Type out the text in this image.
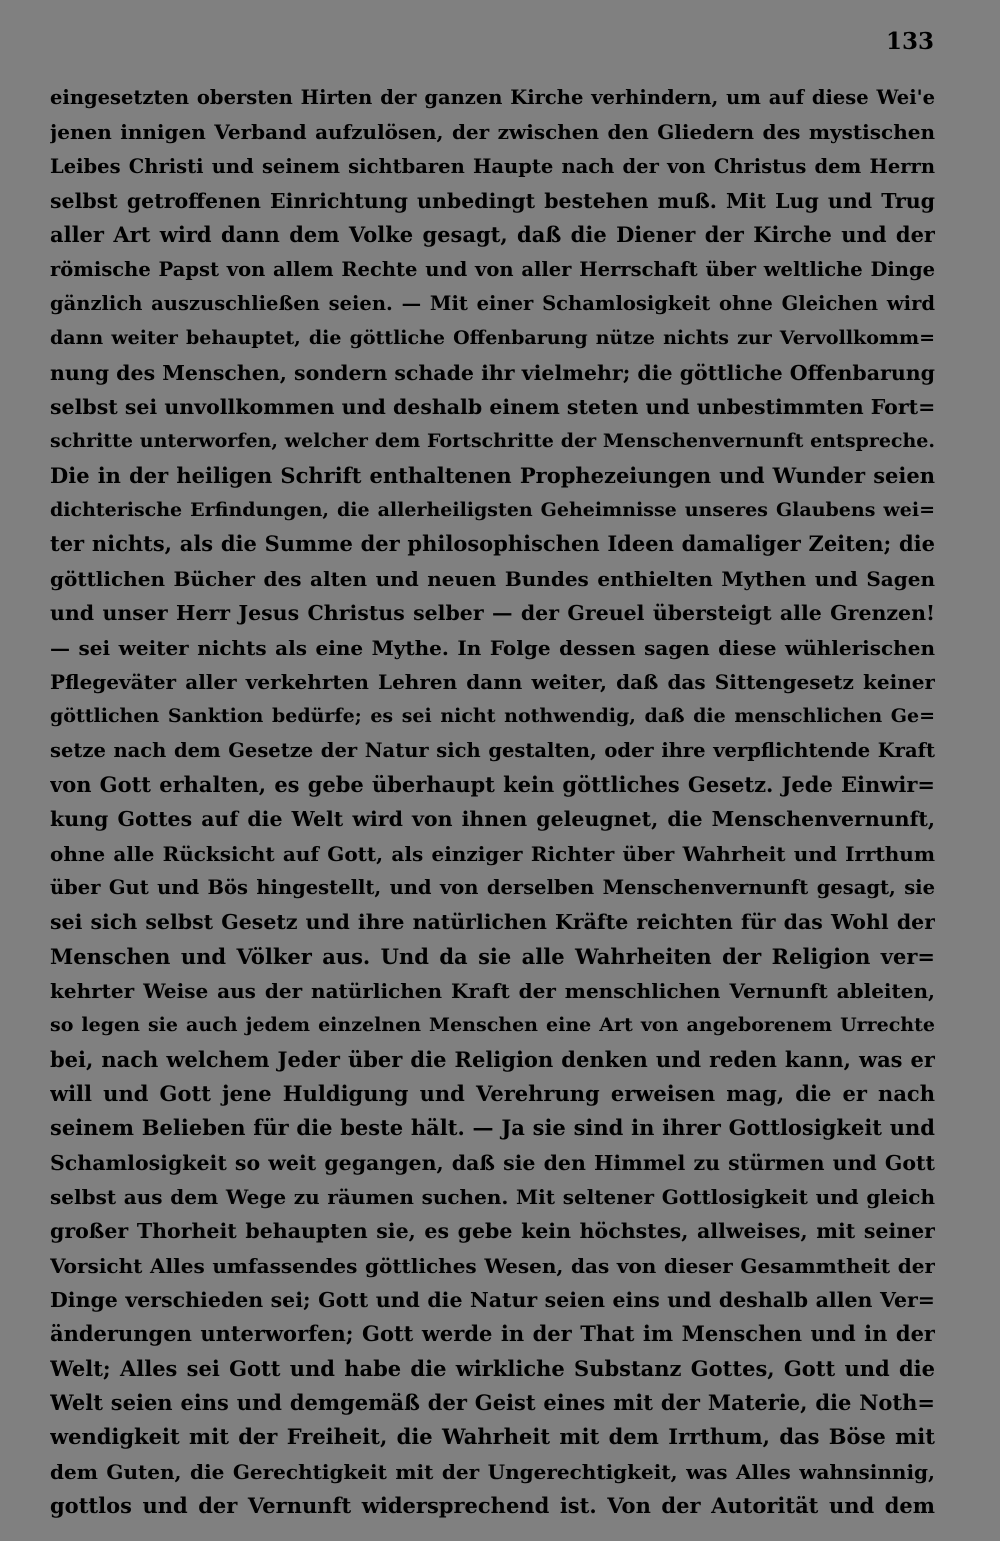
133
eingesetzten obersten Hirten der ganzen Kirche verhindern, um auf diese Wei'e
jenen innigen Verband aufzulösen, der zwischen den Gliedern des mystischen
Leibes Christi und seinem sichtbaren Haupte nach der von Christus dem Herrn
selbst getroffenen Einrichtung unbedingt bestehen muß. Mit Lug und Trug
aller Art wird dann dem Volke gesagt, daß die Diener der Kirche und der
römische Papst von allem Rechte und von aller Herrschaft über weltliche Dinge
gänzlich auszuschließen seien. — Mit einer Schamlosigkeit ohne Gleichen wird
dann weiter behauptet, die göttliche Offenbarung nütze nichts zur Vervollkomm=
nung des Menschen, sondern schade ihr vielmehr; die göttliche Offenbarung
selbst sei unvollkommen und deshalb einem steten und unbestimmten Fort=
schritte unterworfen, welcher dem Fortschritte der Menschenvernunft entspreche.
Die in der heiligen Schrift enthaltenen Prophezeiungen und Wunder seien
dichterische Erfindungen, die allerheiligsten Geheimnisse unseres Glaubens wei=
ter nichts, als die Summe der philosophischen Ideen damaliger Zeiten; die
göttlichen Bücher des alten und neuen Bundes enthielten Mythen und Sagen
und unser Herr Jesus Christus selber — der Greuel übersteigt alle Grenzen!
— sei weiter nichts als eine Mythe. In Folge dessen sagen diese wühlerischen
Pflegeväter aller verkehrten Lehren dann weiter, daß das Sittengesetz keiner
göttlichen Sanktion bedürfe; es sei nicht nothwendig, daß die menschlichen Ge=
setze nach dem Gesetze der Natur sich gestalten, oder ihre verpflichtende Kraft
von Gott erhalten, es gebe überhaupt kein göttliches Gesetz. Jede Einwir=
kung Gottes auf die Welt wird von ihnen geleugnet, die Menschenvernunft,
ohne alle Rücksicht auf Gott, als einziger Richter über Wahrheit und Irrthum
über Gut und Bös hingestellt, und von derselben Menschenvernunft gesagt, sie
sei sich selbst Gesetz und ihre natürlichen Kräfte reichten für das Wohl der
Menschen und Völker aus. Und da sie alle Wahrheiten der Religion ver=
kehrter Weise aus der natürlichen Kraft der menschlichen Vernunft ableiten,
so legen sie auch jedem einzelnen Menschen eine Art von angeborenem Urrechte
bei, nach welchem Jeder über die Religion denken und reden kann, was er
will und Gott jene Huldigung und Verehrung erweisen mag, die er nach
seinem Belieben für die beste hält. — Ja sie sind in ihrer Gottlosigkeit und
Schamlosigkeit so weit gegangen, daß sie den Himmel zu stürmen und Gott
selbst aus dem Wege zu räumen suchen. Mit seltener Gottlosigkeit und gleich
großer Thorheit behaupten sie, es gebe kein höchstes, allweises, mit seiner
Vorsicht Alles umfassendes göttliches Wesen, das von dieser Gesammtheit der
Dinge verschieden sei; Gott und die Natur seien eins und deshalb allen Ver=
änderungen unterworfen; Gott werde in der That im Menschen und in der
Welt; Alles sei Gott und habe die wirkliche Substanz Gottes, Gott und die
Welt seien eins und demgemäß der Geist eines mit der Materie, die Noth=
wendigkeit mit der Freiheit, die Wahrheit mit dem Irrthum, das Böse mit
dem Guten, die Gerechtigkeit mit der Ungerechtigkeit, was Alles wahnsinnig,
gottlos und der Vernunft widersprechend ist. Von der Autorität und dem
